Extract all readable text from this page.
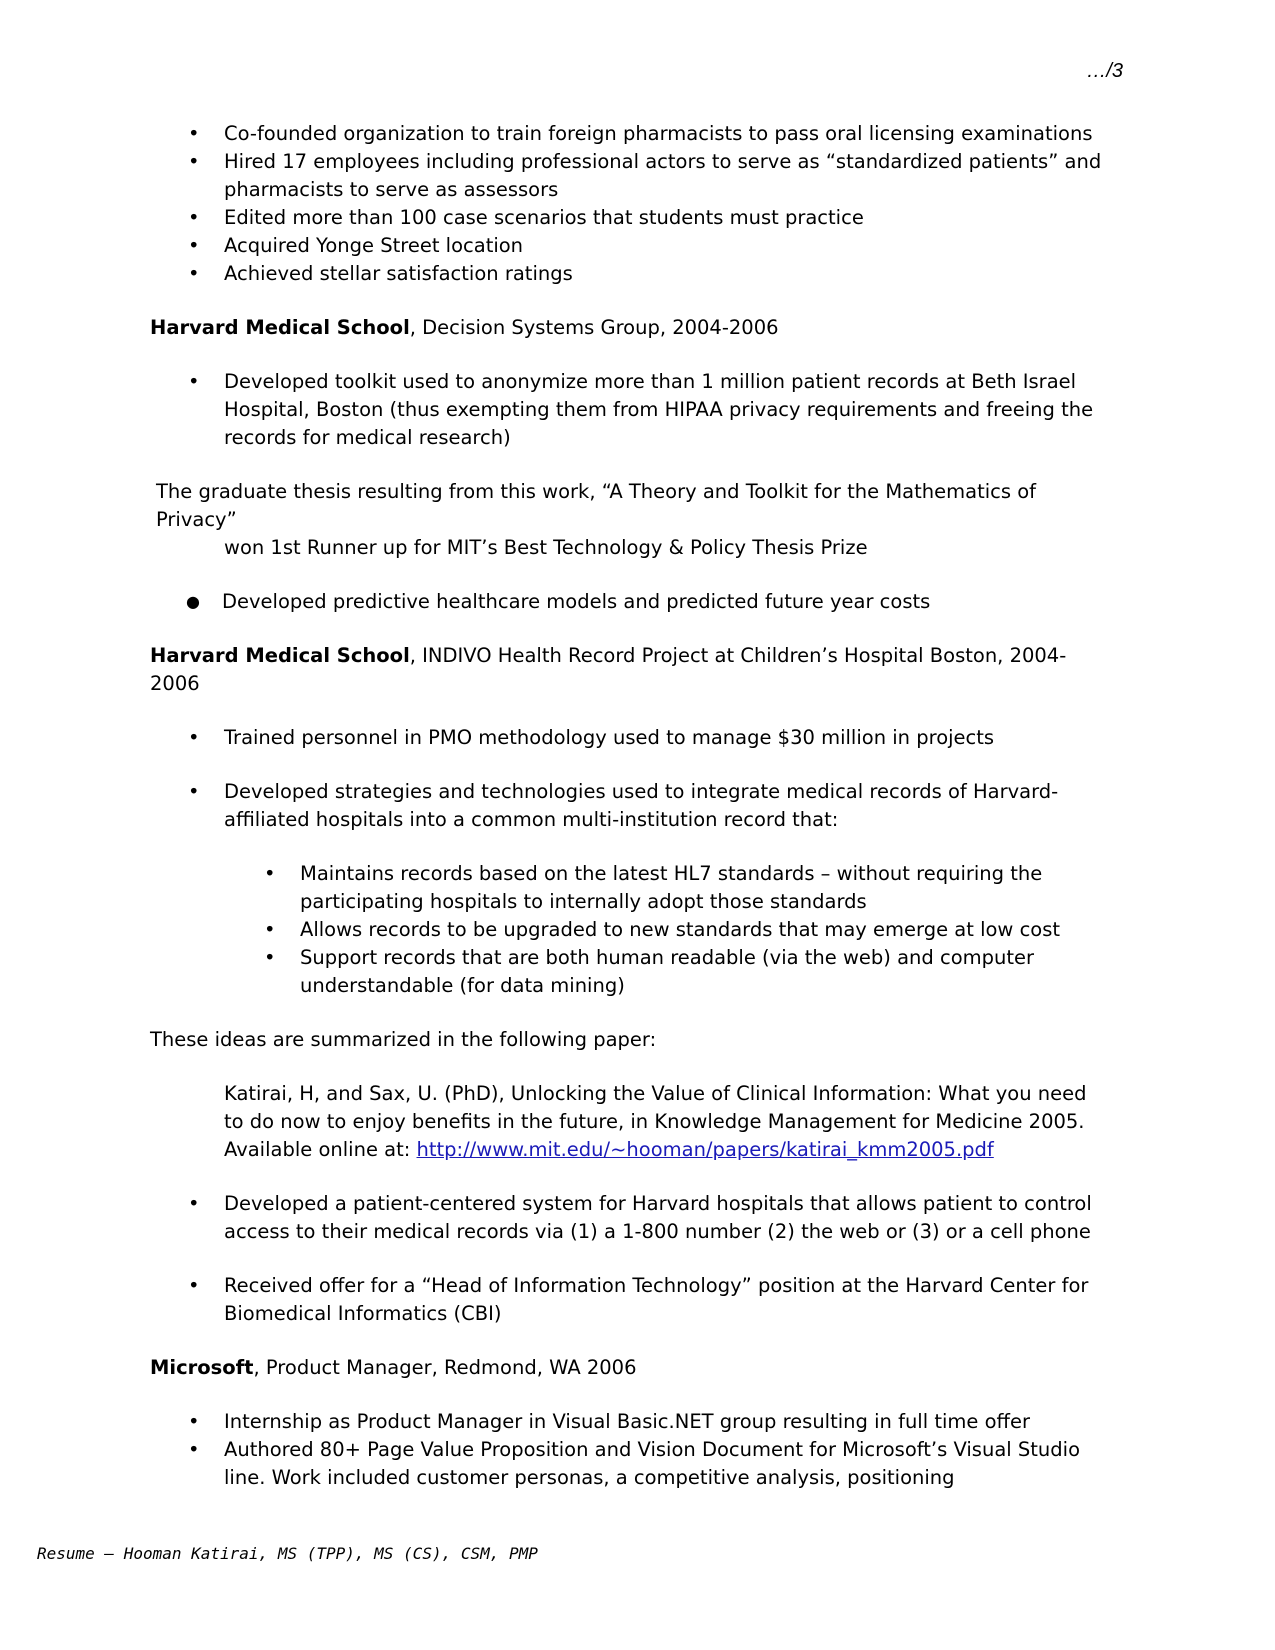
…/3
• Co-founded organization to train foreign pharmacists to pass oral licensing examinations
• Hired 17 employees including professional actors to serve as “standardized patients” and pharmacists to serve as assessors
• Edited more than 100 case scenarios that students must practice
• Acquired Yonge Street location
• Achieved stellar satisfaction ratings
Harvard Medical School, Decision Systems Group, 2004-2006
• Developed toolkit used to anonymize more than 1 million patient records at Beth Israel Hospital, Boston (thus exempting them from HIPAA privacy requirements and freeing the records for medical research)
The graduate thesis resulting from this work, “A Theory and Toolkit for the Mathematics of Privacy”
won 1st Runner up for MIT’s Best Technology & Policy Thesis Prize
● Developed predictive healthcare models and predicted future year costs
Harvard Medical School, INDIVO Health Record Project at Children’s Hospital Boston, 2004-2006
• Trained personnel in PMO methodology used to manage $30 million in projects
• Developed strategies and technologies used to integrate medical records of Harvard-affiliated hospitals into a common multi-institution record that:
• Maintains records based on the latest HL7 standards – without requiring the participating hospitals to internally adopt those standards
• Allows records to be upgraded to new standards that may emerge at low cost
• Support records that are both human readable (via the web) and computer understandable (for data mining)
These ideas are summarized in the following paper:
Katirai, H, and Sax, U. (PhD), Unlocking the Value of Clinical Information: What you need to do now to enjoy benefits in the future, in Knowledge Management for Medicine 2005.
Available online at: http://www.mit.edu/~hooman/papers/katirai_kmm2005.pdf
• Developed a patient-centered system for Harvard hospitals that allows patient to control access to their medical records via (1) a 1-800 number (2) the web or (3) or a cell phone
• Received offer for a “Head of Information Technology” position at the Harvard Center for Biomedical Informatics (CBI)
Microsoft, Product Manager, Redmond, WA 2006
• Internship as Product Manager in Visual Basic.NET group resulting in full time offer
• Authored 80+ Page Value Proposition and Vision Document for Microsoft’s Visual Studio line. Work included customer personas, a competitive analysis, positioning
Resume – Hooman Katirai, MS (TPP), MS (CS), CSM, PMP
